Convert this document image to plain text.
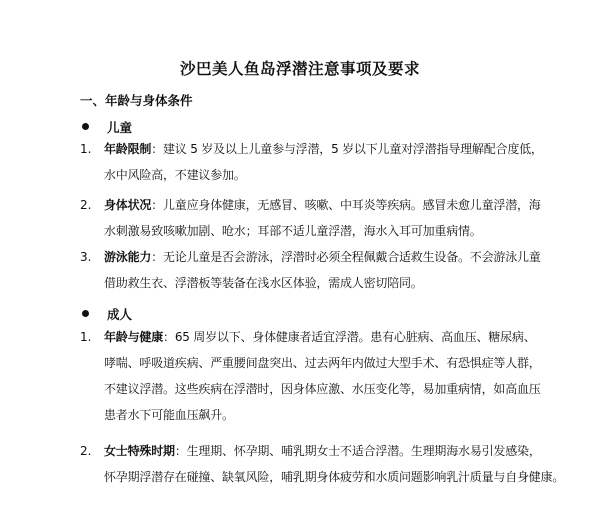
沙巴美人鱼岛浮潜注意事项及要求
一、年龄与身体条件
儿童
1. 年龄限制：建议 5 岁及以上儿童参与浮潜，5 岁以下儿童对浮潜指导理解配合度低，
水中风险高，不建议参加。
2. 身体状况：儿童应身体健康，无感冒、咳嗽、中耳炎等疾病。感冒未愈儿童浮潜，海
水刺激易致咳嗽加剧、呛水；耳部不适儿童浮潜，海水入耳可加重病情。
3. 游泳能力：无论儿童是否会游泳，浮潜时必须全程佩戴合适救生设备。不会游泳儿童
借助救生衣、浮潜板等装备在浅水区体验，需成人密切陪同。
成人
1. 年龄与健康：65 周岁以下、身体健康者适宜浮潜。患有心脏病、高血压、糖尿病、
哮喘、呼吸道疾病、严重腰间盘突出、过去两年内做过大型手术、有恐惧症等人群，
不建议浮潜。这些疾病在浮潜时，因身体应激、水压变化等，易加重病情，如高血压
患者水下可能血压飙升。
2. 女士特殊时期：生理期、怀孕期、哺乳期女士不适合浮潜。生理期海水易引发感染，
怀孕期浮潜存在碰撞、缺氧风险，哺乳期身体疲劳和水质问题影响乳汁质量与自身健康。
